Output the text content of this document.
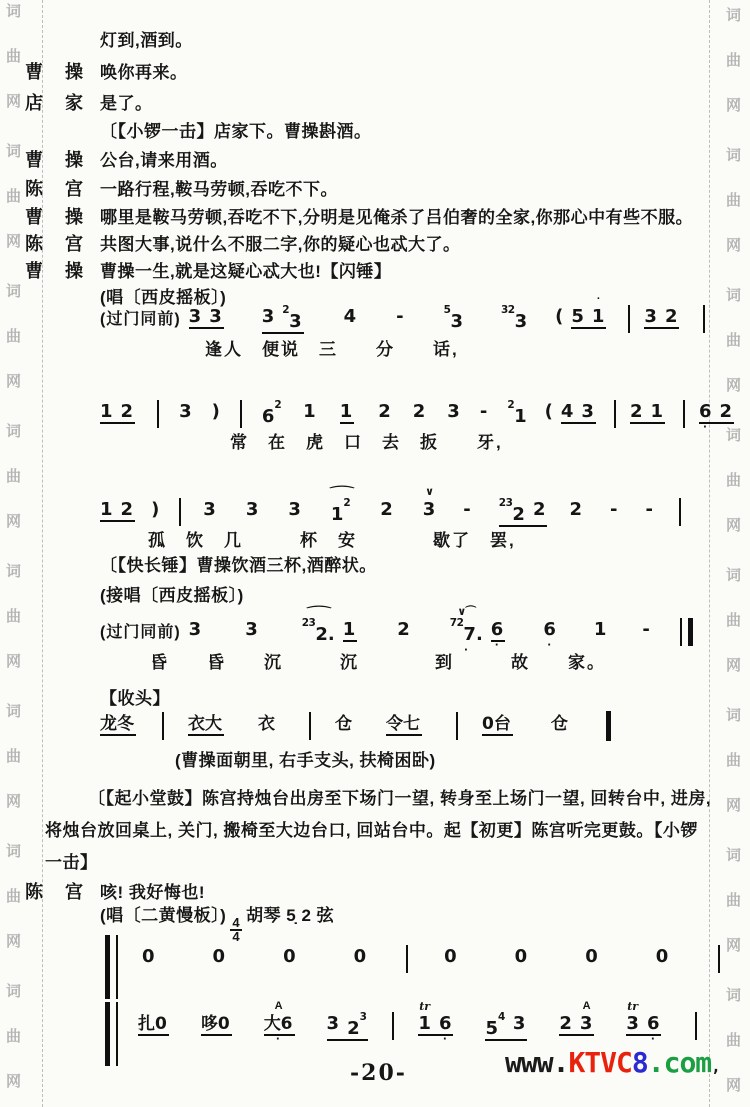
词
曲
网
词
曲
网
词
曲
网
词
曲
网
词
曲
网
词
曲
网
词
曲
网
词
曲
网
词
曲
网
词
曲
网
词
曲
网
词
曲
网
词
曲
网
词
曲
网
词
曲
网
词
曲
网
灯到,酒到。
曹 操 唤你再来。
店 家 是了。
〔【小锣一击】店家下。曹操斟酒。
曹 操 公台,请来用酒。
陈 宫 一路行程,鞍马劳顿,吞吃不下。
曹 操 哪里是鞍马劳顿,吞吃不下,分明是见俺杀了吕伯奢的全家,你那心中有些不服。
陈 宫 共图大事,说什么不服二字,你的疑心也忒大了。
曹 操 曹操一生,就是这疑心忒大也!【闪锤】
陈 宫 咳! 我好悔也!
(唱〔西皮摇板〕)
〔【快长锤】曹操饮酒三杯,酒醉状。
(接唱〔西皮摇板〕)
【收头】
(曹操面朝里, 右手支头, 扶椅困卧)
〔【起小堂鼓】陈宫持烛台出房至下场门一望, 转身至上场门一望, 回转台中, 进房,
将烛台放回桌上, 关门, 搬椅至大边台口, 回站台中。起【初更】陈宫听完更鼓。【小锣
一击】
(过门同前) 3 3 3 $^2$3 4 -	$^5$3
$^{32}$3 ( 5
·
1 3 2
逢人　便说　三　　分　　话,
1 2	3 ) $6^2$ 1 1 2 2 3 - $^2$1 ( 4 3 2 1 6
·
2
常　在　虎　口　去　扳　　牙,
1 2 ) 3 3 3
⌒
$1^2$ 2
∨
3 -	$^{23}$2 2 2 - -
孤　饮　几　　　杯　安　　　　歇了　罢,
(过门同前) 3 3
⌒
$^{23}$2. 1 2
∨⌒
$^{72}$7.
·
6
·
6
·
1 -
昏　　昏　　沉　　　沉　　　　到　　　故　　家。
龙冬	衣大 衣	仓 令七	0台 仓
0	0	0	0	0	0	0	0
扎0 哆0
A
大6
·
3 $2^3$
tr
1 6
· $5^4$ 3 2
A
3
tr
3 6
·
(唱〔二黄慢板〕)
$\frac{4}{4}$
胡琴 5̣ 2 弦
-20-	www.KTVC8.com,
